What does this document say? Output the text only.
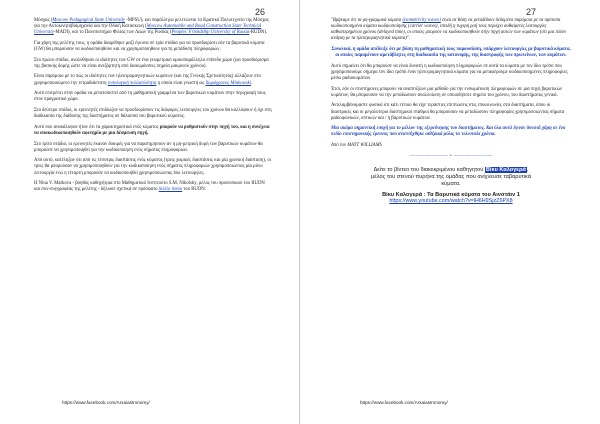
26

Μόσχας (Moscow Pedagogical State University -MPSU), και παράλληλα μελετώνται το Κρατικό Πολυτεχνείο της Μόσχας για την Αυτοκινητοβιομηχανία και την Οδική Κατασκευή (Moscow Automobile and Road Construction State Technical University-MADI), και το Πανεπιστήμιο Φιλίας των Λαών της Ρωσίας (Peoples' Friendship University of Russia-RUDN).

Για χάρη της μελέτης τους, η ομάδα διαιρέθηκε μαζί έγκυνα σε τρία στάδια για να προσδιορίσει εάν τα βαρυτικά κύματα (GW) θα μπορούσαν να κωδικοποιηθούν και να χρησιμοποιηθούν για τη μετάδοση πληροφοριών.

Στο πρώτο στάδιο, αναλύθηκαν οι ιδιότητες των GW σε ένα γεωμετρικό ομοιοπαράλληλο επίπεδο χώρο (για προσδιόρισμα της βασικής δομής ώστε να είναι ανεξάρτητη από διακυμάνσεις σημεία μακρινού χρόνου).

Είναι παρόμοιο με το πώς οι ιδιότητες των ηλεκτρομαγνητικών κυμάτων (και της Γενικής Σχετικότητας) αλλάζουν στο χρησιμοποιούμενο την τετραδιάστατη τοπολογική πολλαπλότητα η οποία είναι γνωστή ως Χωρόχρονος Minkowski.

Αυτό επιτρέπει στην ομάδα να μετατοπιστεί από τη μαθηματική γραμμένα των βαρυτικών κυμάτων στην περιγραφή τους στον πραγματικό χώρο.

Στο δεύτερο στάδιο, οι ερευνητές επιδίωξαν να προσδιορίσουν τις διάφορες λειτουργίες του χρόνου θα καλλύψουν ή όχι στη διαδικασία της διάδοσης της διαστήματος σε θάλασσα του βαρυτικού κύματος.

Αυτό που ανακάλυψαν ήταν ότι τα χαρακτηριστικά ενός κύματος μπορούν να ρυθμιστούν στην πηγή του, και η συνέχεια να αποκωδικοποιηθούν αφετηρία με μια δέσμευση πηγή.

Στο τρίτο στάδιο, οι ερευνητές έκαναν δοκιμές για να παρατηρήσουν αν η μη-μετρική δομή των βαρυτικών κυμάτων θα μπορούσε να χρησιμοποιηθεί για την κωδικοποίηση ενός σήματος πληροφοριών.

Από αυτό, κατέληξαν ότι από τις τέσσερις διαστάσεις ενός κύματος (τρεις χωρικές διαστάσεις και μία χρονική διάσταση), οι τρεις θα μπορούσαν να χρησιμοποιηθούν για την κωδικοποίηση ενός σήματος πληροφοριών χρησιμοποιώντας μία μόνο λειτουργία ενώ η τέταρτη μπορούσε να κωδικοποιηθεί χρησιμοποιώντας δύο λειτουργίες.

Η Nina V. Markova - βοηθός καθηγήτρια στο Μαθηματικό Ινστιτούτο S.M. Nikolsky, μέλος του προσωπικού του RUDN και συν-συγγραφέας της μελέτης - δήλωσε σχετικά σε πρόσφατο δελτίο τύπου του RUDN:

https://www.facebook.com/Arxaiastronomy/
27

"Βρήκαμε ότι τα μη-γραμμικά κύματα (isometricity waves) είναι σε θέση να μεταδίδουν δεδομένα παρόμοια με τα πρότυπα κωδικοποιημένα κύματα κωδικοποίησης (carrier waves), επειδή η τυχερή ροή τους περιέχει αυθαίρετες λειτουργίες καθυστερημένου χρόνου (delayed time), οι οποίες μπορούν να κωδικοποιηθούν στην πηγή αυτών των κυμάτων (ότι μια πλέον ανάγκη με τα ηλεκτρομαγνητικά κύματα)".

Συνολικά, η ομάδα απέδειξε ότι με βάση τη μαθηματική τους παρουσίαση, υπάρχουν λειτουργίες με βαρυτικά κύματα, οι οποίες παραμένουν αμετάβλητες στη διαδικασία της κατανομής, της διαστροφής των πρωτείνων, των κυμάτων.

Αυτό σημαίνει ότι θα μπορούσε να είναι δυνατή η κωδικοποίηση πληροφοριών σε αυτά τα κύματα με τον ίδιο τρόπο που χρησιμοποιούμε σήμερα τον ίδιο τρόπο έναν ηλεκτρομαγνητικά κύματα για να μεταφέρουμε κωδικοποιημένες πληροφορίες μέσω ραδιοκυμάτων.

Έτσι, εάν οι επιστήμονες μπορούν να αναπτύξουν μια μέθοδο για την ενσωμάτωση πληροφοριών σε μια πηγή βαρυτικών κυμάτων, θα μπορούσαν να την μεταδώσουν αναλλοίωτη σε οποιοδήποτε σημείο του χρόνου, του διαστήματος γενικά.

Αντιλαμβάνομαστε φυσικά ότι κάτι τέτοιο θα είχε τεράστιες επιπτώσεις στις επικοινωνίες στα διαστήματα, όπου οι διαστρικές και οι μεγαλύτεροι διαστημικοί σταθμοί θα μπορούσαν να μεταδώσουν πληροφορίες χρησιμοποιώντας σήματα ραδιοφωνικών, οπτικών και / ή βαρυτικών κυμάτων.

Μια ακόμα σημαντική εποχή για το μέλλον της εξερεύνησης του διαστήματος. Και όλα αυτά έγιναν δυνατά χάρη σε ένα πεδίο επιστημονικής έρευνας που αναπτύχθηκε αιθέρικά μόλις τα τελευταία χρόνια.

Από τον MATT WILLIAMS

——————— • ———————

Δείτε το βίντεο του διακεκριμένου καθηγητού Βίκυ Καλογερά,

μέλος του στενού πυρήνα της ομάδας που ανίχνευσε ταβαρυτικά

κύματα.

Βίκυ Καλογερά : Τα Βαρυτικά κύματα του Αινστάιν 1

https://www.youtube.com/watch?v=lH6H9SjzZ6PX8
https://www.facebook.com/Arxaiastronomy/
